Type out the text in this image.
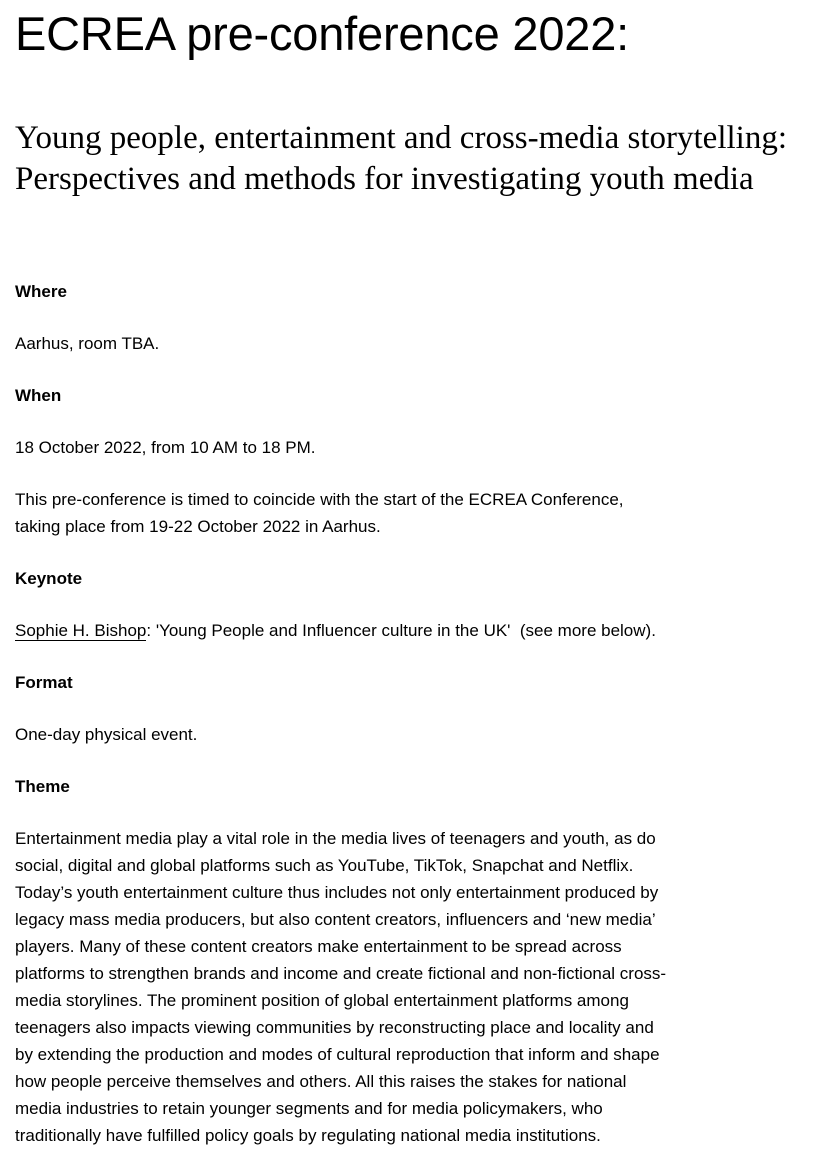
ECREA pre-conference 2022:
Young people, entertainment and cross-media storytelling:
Perspectives and methods for investigating youth media

Where

Aarhus, room TBA.

When

18 October 2022, from 10 AM to 18 PM.

This pre-conference is timed to coincide with the start of the ECREA Conference,
taking place from 19-22 October 2022 in Aarhus.

Keynote

Sophie H. Bishop: 'Young People and Influencer culture in the UK'  (see more below).

Format

One-day physical event.

Theme

Entertainment media play a vital role in the media lives of teenagers and youth, as do
social, digital and global platforms such as YouTube, TikTok, Snapchat and Netflix.
Today’s youth entertainment culture thus includes not only entertainment produced by
legacy mass media producers, but also content creators, influencers and ‘new media’
players. Many of these content creators make entertainment to be spread across
platforms to strengthen brands and income and create fictional and non-fictional cross-
media storylines. The prominent position of global entertainment platforms among
teenagers also impacts viewing communities by reconstructing place and locality and
by extending the production and modes of cultural reproduction that inform and shape
how people perceive themselves and others. All this raises the stakes for national
media industries to retain younger segments and for media policymakers, who
traditionally have fulfilled policy goals by regulating national media institutions.
